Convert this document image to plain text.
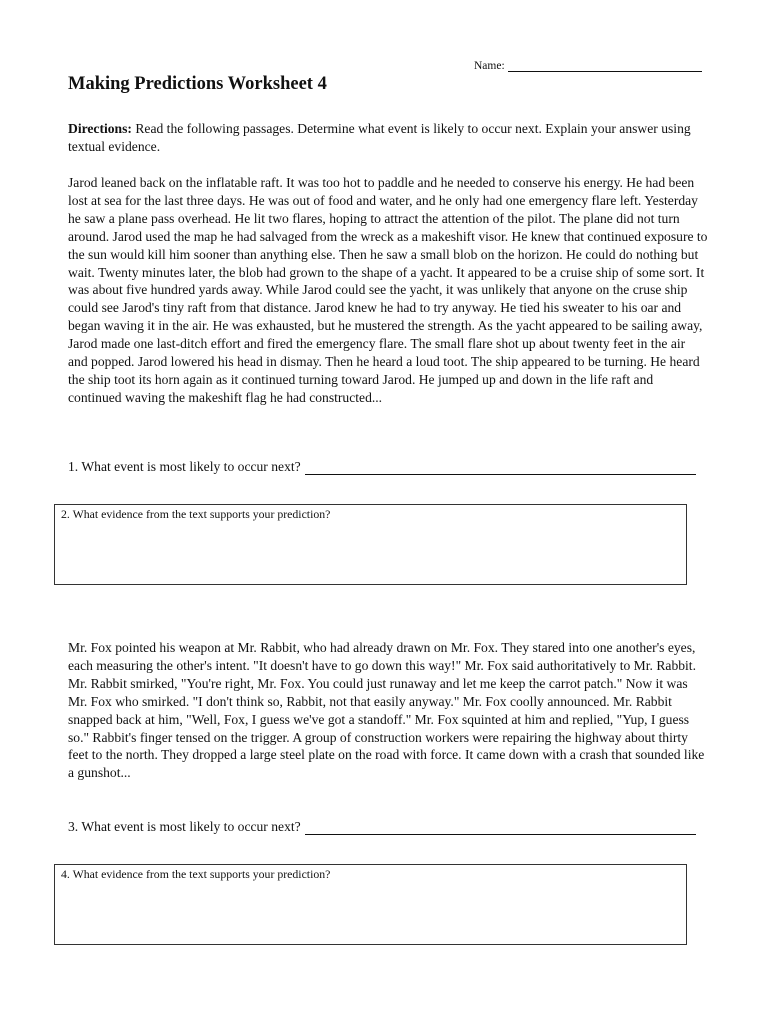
Name:
Making Predictions Worksheet 4

Directions: Read the following passages. Determine what event is likely to occur next. Explain your answer using textual evidence.

Jarod leaned back on the inflatable raft. It was too hot to paddle and he needed to conserve his energy. He had been lost at sea for the last three days. He was out of food and water, and he only had one emergency flare left. Yesterday he saw a plane pass overhead. He lit two flares, hoping to attract the attention of the pilot. The plane did not turn around. Jarod used the map he had salvaged from the wreck as a makeshift visor. He knew that continued exposure to the sun would kill him sooner than anything else. Then he saw a small blob on the horizon. He could do nothing but wait. Twenty minutes later, the blob had grown to the shape of a yacht. It appeared to be a cruise ship of some sort. It was about five hundred yards away. While Jarod could see the yacht, it was unlikely that anyone on the cruse ship could see Jarod's tiny raft from that distance. Jarod knew he had to try anyway. He tied his sweater to his oar and began waving it in the air. He was exhausted, but he mustered the strength. As the yacht appeared to be sailing away, Jarod made one last-ditch effort and fired the emergency flare. The small flare shot up about twenty feet in the air and popped. Jarod lowered his head in dismay. Then he heard a loud toot. The ship appeared to be turning. He heard the ship toot its horn again as it continued turning toward Jarod. He jumped up and down in the life raft and continued waving the makeshift flag he had constructed...

1. What event is most likely to occur next?
2. What evidence from the text supports your prediction?

Mr. Fox pointed his weapon at Mr. Rabbit, who had already drawn on Mr. Fox. They stared into one another's eyes, each measuring the other's intent. "It doesn't have to go down this way!" Mr. Fox said authoritatively to Mr. Rabbit. Mr. Rabbit smirked, "You're right, Mr. Fox. You could just runaway and let me keep the carrot patch." Now it was Mr. Fox who smirked. "I don't think so, Rabbit, not that easily anyway." Mr. Fox coolly announced. Mr. Rabbit snapped back at him, "Well, Fox, I guess we've got a standoff." Mr. Fox squinted at him and replied, "Yup, I guess so." Rabbit's finger tensed on the trigger. A group of construction workers were repairing the highway about thirty feet to the north. They dropped a large steel plate on the road with force. It came down with a crash that sounded like a gunshot...

3. What event is most likely to occur next?
4. What evidence from the text supports your prediction?
